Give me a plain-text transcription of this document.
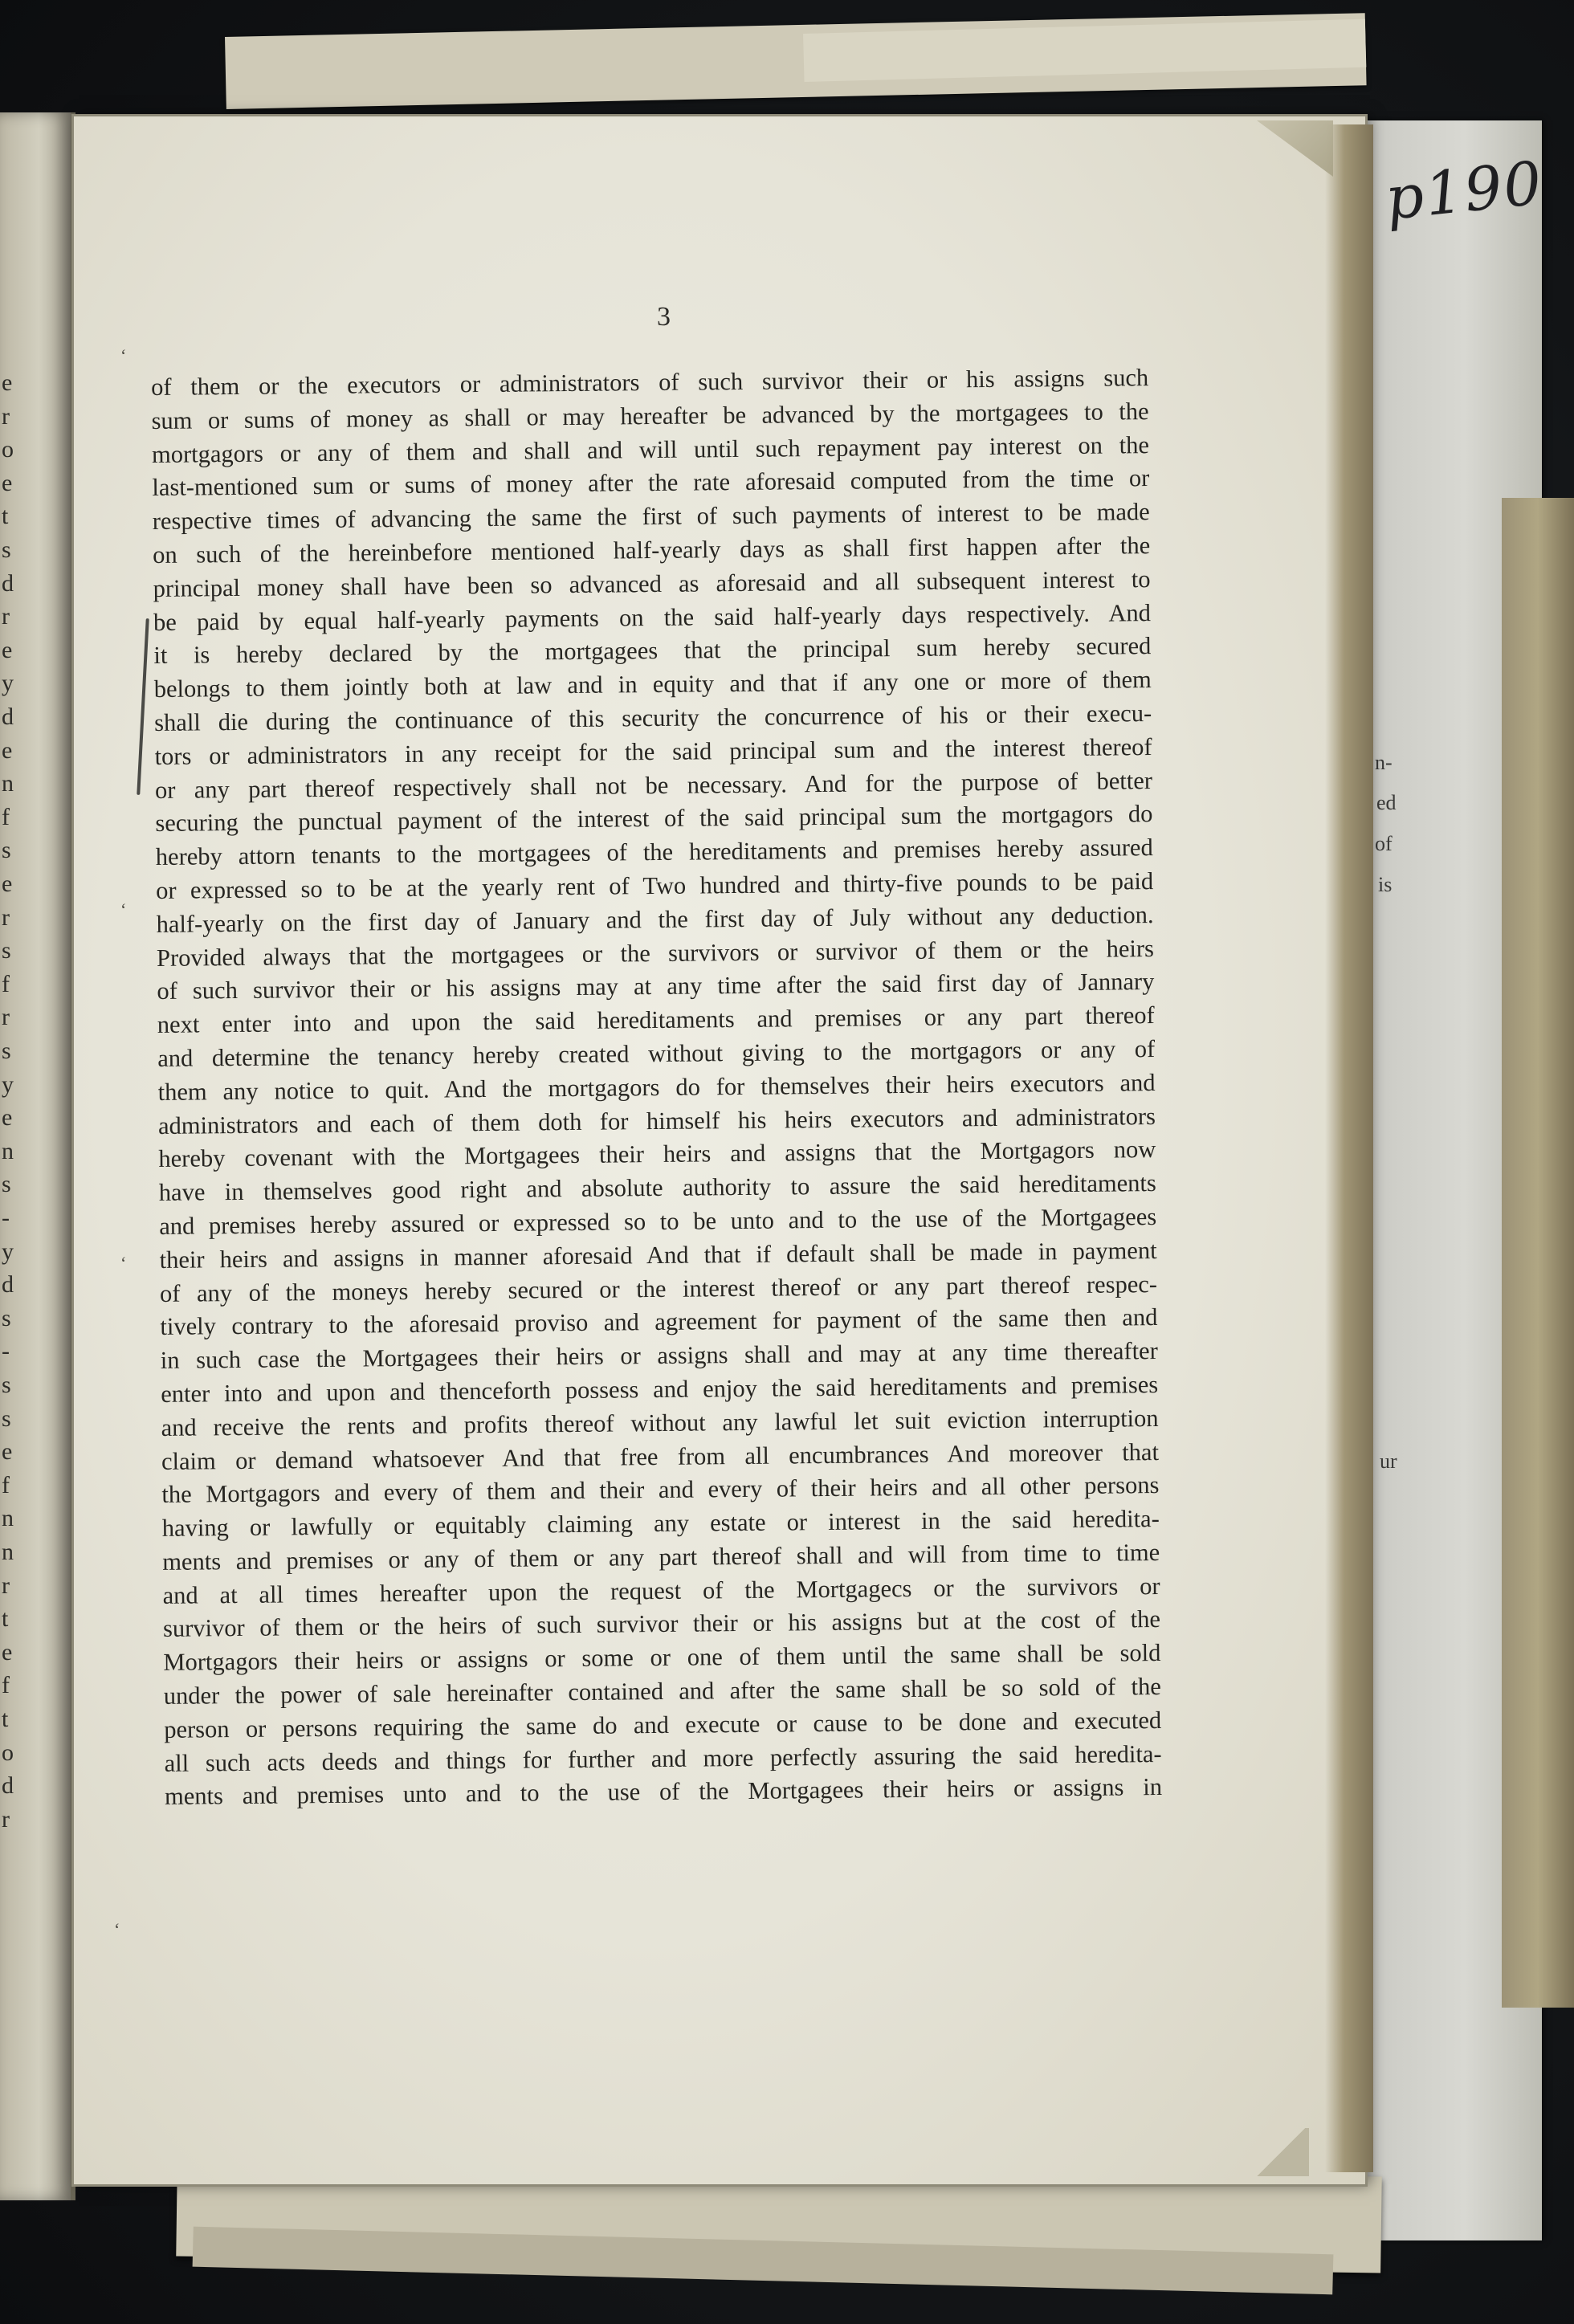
p190
n-
ed
of
is
ur
e
r
o
e
t
s
d
r
e
y
d
e
n
f
s
e
r
s
f
r
s
y
e
n
s
-
y
d
s
-
s
s
e
f
n
n
r
t
e
f
t
o
d
r
3
‘
‘
‘
‘
of them or the executors or administrators of such survivor their or his assigns such
sum or sums of money as shall or may hereafter be advanced by the mortgagees to the
mortgagors or any of them and shall and will until such repayment pay interest on the
last-mentioned sum or sums of money after the rate aforesaid computed from the time or
respective times of advancing the same the first of such payments of interest to be made
on such of the hereinbefore mentioned half-yearly days as shall first happen after the
principal money shall have been so advanced as aforesaid and all subsequent interest to
be paid by equal half-yearly payments on the said half-yearly days respectively. And
it is hereby declared by the mortgagees that the principal sum hereby secured
belongs to them jointly both at law and in equity and that if any one or more of them
shall die during the continuance of this security the concurrence of his or their execu-
tors or administrators in any receipt for the said principal sum and the interest thereof
or any part thereof respectively shall not be necessary. And for the purpose of better
securing the punctual payment of the interest of the said principal sum the mortgagors do
hereby attorn tenants to the mortgagees of the hereditaments and premises hereby assured
or expressed so to be at the yearly rent of Two hundred and thirty-five pounds to be paid
half-yearly on the first day of January and the first day of July without any deduction.
Provided always that the mortgagees or the survivors or survivor of them or the heirs
of such survivor their or his assigns may at any time after the said first day of Jannary
next enter into and upon the said hereditaments and premises or any part thereof
and determine the tenancy hereby created without giving to the mortgagors or any of
them any notice to quit. And the mortgagors do for themselves their heirs executors and
administrators and each of them doth for himself his heirs executors and administrators
hereby covenant with the Mortgagees their heirs and assigns that the Mortgagors now
have in themselves good right and absolute authority to assure the said hereditaments
and premises hereby assured or expressed so to be unto and to the use of the Mortgagees
their heirs and assigns in manner aforesaid And that if default shall be made in payment
of any of the moneys hereby secured or the interest thereof or any part thereof respec-
tively contrary to the aforesaid proviso and agreement for payment of the same then and
in such case the Mortgagees their heirs or assigns shall and may at any time thereafter
enter into and upon and thenceforth possess and enjoy the said hereditaments and premises
and receive the rents and profits thereof without any lawful let suit eviction interruption
claim or demand whatsoever And that free from all encumbrances And moreover that
the Mortgagors and every of them and their and every of their heirs and all other persons
having or lawfully or equitably claiming any estate or interest in the said heredita-
ments and premises or any of them or any part thereof shall and will from time to time
and at all times hereafter upon the request of the Mortgagecs or the survivors or
survivor of them or the heirs of such survivor their or his assigns but at the cost of the
Mortgagors their heirs or assigns or some or one of them until the same shall be sold
under the power of sale hereinafter contained and after the same shall be so sold of the
person or persons requiring the same do and execute or cause to be done and executed
all such acts deeds and things for further and more perfectly assuring the said heredita-
ments and premises unto and to the use of the Mortgagees their heirs or assigns in
